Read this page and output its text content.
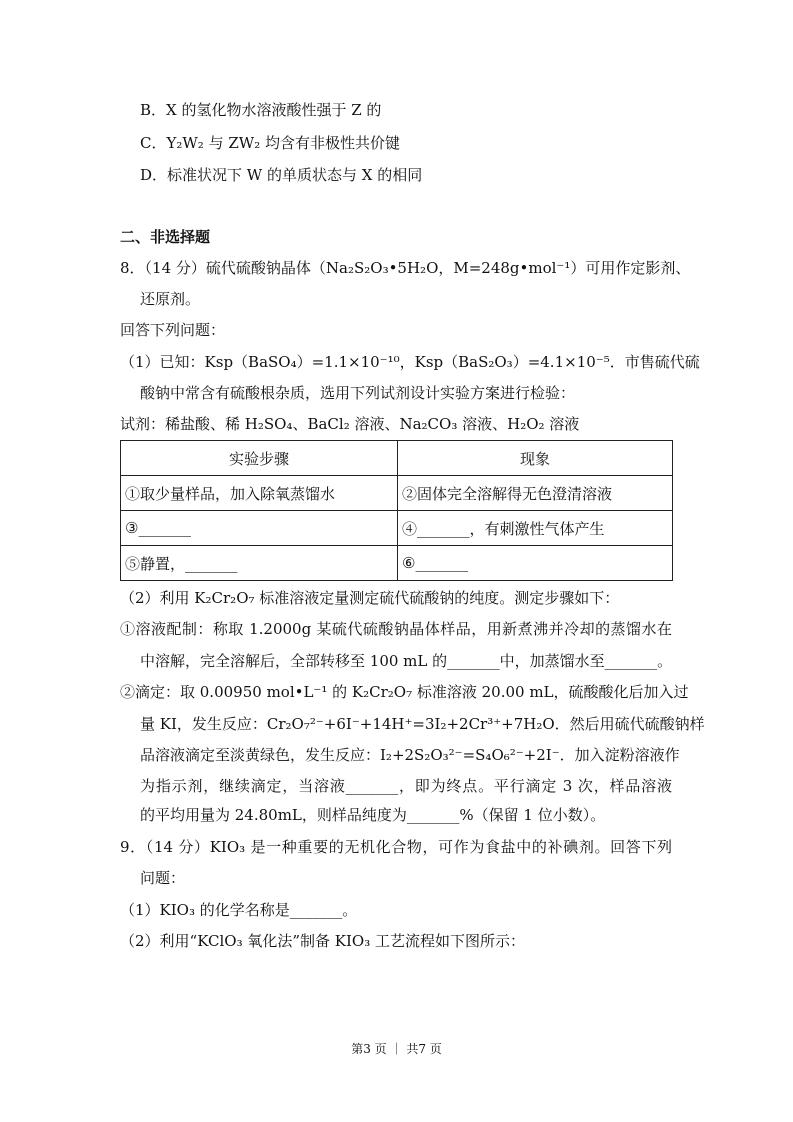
B．X 的氢化物水溶液酸性强于 Z 的
C．Y₂W₂ 与 ZW₂ 均含有非极性共价键
D．标准状况下 W 的单质状态与 X 的相同
二、非选择题
8．（14 分）硫代硫酸钠晶体（Na₂S₂O₃•5H₂O，M=248g•mol⁻¹）可用作定影剂、
还原剂。
回答下列问题：
（1）已知：Ksp（BaSO₄）=1.1×10⁻¹⁰，Ksp（BaS₂O₃）=4.1×10⁻⁵．市售硫代硫
酸钠中常含有硫酸根杂质，选用下列试剂设计实验方案进行检验：
试剂：稀盐酸、稀 H₂SO₄、BaCl₂ 溶液、Na₂CO₃ 溶液、H₂O₂ 溶液
实验步骤	现象
①取少量样品，加入除氧蒸馏水	②固体完全溶解得无色澄清溶液
③_______	④_______，有刺激性气体产生
⑤静置，_______	⑥_______
（2）利用 K₂Cr₂O₇ 标准溶液定量测定硫代硫酸钠的纯度。测定步骤如下：
①溶液配制：称取 1.2000g 某硫代硫酸钠晶体样品，用新煮沸并冷却的蒸馏水在
中溶解，完全溶解后，全部转移至 100 mL 的_______中，加蒸馏水至_______。
②滴定：取 0.00950 mol•L⁻¹ 的 K₂Cr₂O₇ 标准溶液 20.00 mL，硫酸酸化后加入过
量 KI，发生反应：Cr₂O₇²⁻+6I⁻+14H⁺=3I₂+2Cr³⁺+7H₂O．然后用硫代硫酸钠样
品溶液滴定至淡黄绿色，发生反应：I₂+2S₂O₃²⁻=S₄O₆²⁻+2I⁻．加入淀粉溶液作
为指示剂，继续滴定，当溶液_______，即为终点。平行滴定 3 次，样品溶液
的平均用量为 24.80mL，则样品纯度为_______%（保留 1 位小数）。
9．（14 分）KIO₃ 是一种重要的无机化合物，可作为食盐中的补碘剂。回答下列
问题：
（1）KIO₃ 的化学名称是_______。
（2）利用“KClO₃ 氧化法”制备 KIO₃ 工艺流程如下图所示：
第3 页 ｜ 共7 页
